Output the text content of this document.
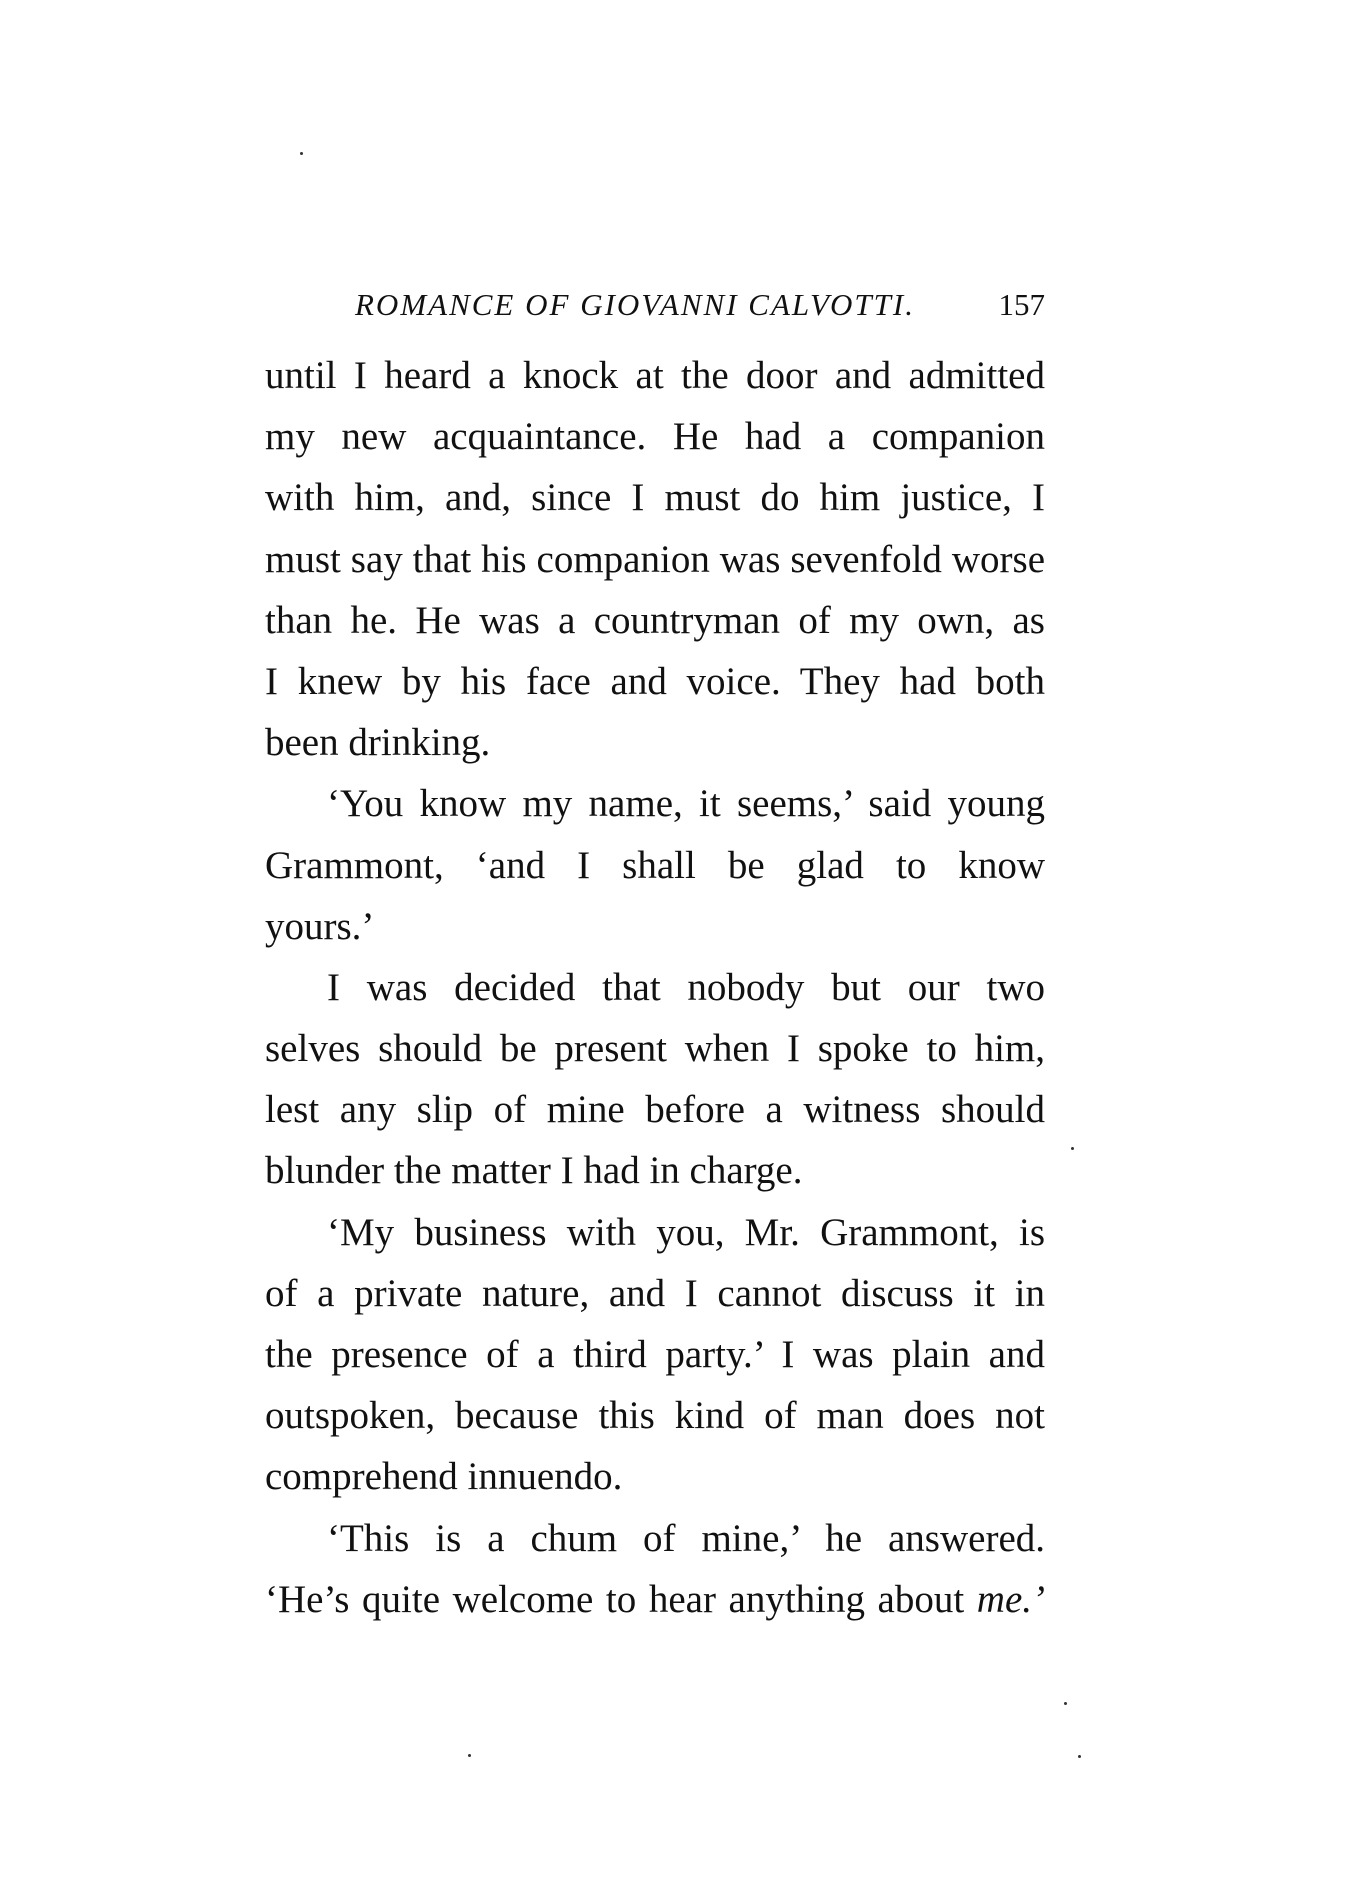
ROMANCE OF GIOVANNI CALVOTTI.	157
until I heard a knock at the door and admitted
my new acquaintance. He had a companion
with him, and, since I must do him justice, I
must say that his companion was sevenfold worse
than he. He was a countryman of my own, as
I knew by his face and voice. They had both
been drinking.
‘You know my name, it seems,’ said young
Grammont, ‘and I shall be glad to know
yours.’
I was decided that nobody but our two
selves should be present when I spoke to him,
lest any slip of mine before a witness should
blunder the matter I had in charge.
‘My business with you, Mr. Grammont, is
of a private nature, and I cannot discuss it in
the presence of a third party.’ I was plain and
outspoken, because this kind of man does not
comprehend innuendo.
‘This is a chum of mine,’ he answered.
‘He’s quite welcome to hear anything about me.’
